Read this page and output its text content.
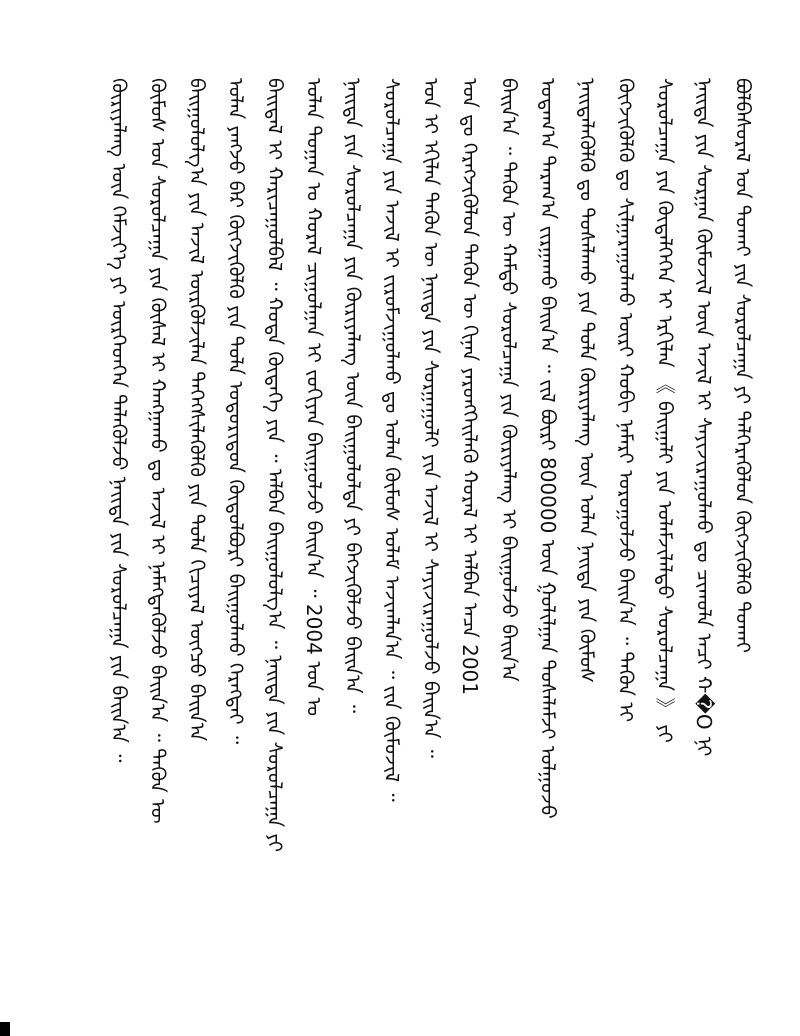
ᠪᠣᠯᠪᠠᠰᠤᠷᠠᠯ ᠤᠨ ᠲᠤᠬᠠᠢ ᠶᠢᠨ ᠰᠤᠷᠤᠯᠴᠠᠭᠠ ᠶᠢ ᠳᠡᠯᠭᠡᠷᠡᠭᠦᠯᠦᠨ ᠬᠦᠭᠵᠢᠭᠦᠯᠬᠦ ᠲᠤᠬᠠᠢ
ᠨᠡᠢᠲᠡ ᠶᠢᠨ ᠰᠤᠷᠭᠠᠨ ᠬᠦᠮᠦᠵᠢᠯ ᠦᠨ ᠠᠵᠢᠯ ᠢ ᠰᠠᠶᠢᠵᠢᠷᠠᠭᠤᠯᠬᠤ ᠳᠤ ᠴᠢᠬᠤᠯᠠ ᠠᠴᠢ ᠬ�O ᠨᠢ
ᠰᠤᠷᠤᠯᠴᠠᠭᠠ ᠶᠢᠨ ᠬᠥᠳᠡᠯᠭᠡᠭᠡᠨ ᠢ ᠡᠷᠬᠢᠯᠡᠨ 《 ᠪᠠᠢᠭᠠᠯᠢ ᠶᠢᠨ ᠤᠯᠠᠮᠵᠢᠯᠠᠯᠲᠤ ᠰᠤᠷᠤᠯᠴᠠᠭᠠ 》 ᠶᠢ
ᠬᠦᠭᠵᠢᠭᠦᠯᠬᠦ ᠳᠤ ᠰᠢᠯᠭᠠᠷᠠᠭᠤᠯᠬᠤ ᠦᠷᠢ ᠬᠣᠪᠢ ᠨᠡᠮᠡᠷᠢ ᠤᠷᠤᠭᠤᠯᠵᠤ ᠪᠠᠢᠨ᠎ᠠ ᠃ ᠲᠡᠭᠦᠨ ᠢ
ᠨᠡᠢᠲᠡᠯᠡᠭᠦᠯᠬᠦ ᠳᠤ ᠲᠤᠰᠠᠯᠠᠬᠤ ᠶᠢᠨ ᠲᠤᠯᠠ ᠬᠦᠷᠢᠶᠡᠯᠡᠩ ᠦᠨ ᠣᠯᠠᠨ ᠨᠡᠢᠲᠡ ᠶᠢᠨ ᠬᠦᠮᠦᠰ
ᠤᠳᠠᠭ᠎ᠠ ᠳᠠᠷᠠᠭ᠎ᠠ ᠵᠢᠷᠭᠠᠬᠤ ᠪᠠᠢᠨ᠎ᠠ ᠃ ᠵᠢᠯ ᠪᠦᠷᠢ 800000 ᠦᠨ ᠭᠤᠯᠢᠯᠭᠠᠨ ᠲᠤᠰᠠᠯᠠᠮᠵᠢ ᠤᠯᠭᠤᠵᠤ
ᠪᠠᠢᠨ᠎ᠠ ᠃ ᠲᠡᠭᠦᠨ ᠦ ᠬᠠᠮᠲᠤ ᠰᠤᠷᠤᠯᠴᠠᠭᠠ ᠶᠢᠨ ᠬᠦᠷᠢᠶᠡᠯᠡᠩ ᠢ ᠪᠠᠢᠭᠤᠯᠵᠤ ᠪᠠᠢᠨ᠎ᠠ
ᠣᠨ ᠳᠤ ᠬᠡᠷᠡᠭᠵᠢᠭᠦᠯᠦᠨ ᠲᠡᠭᠦᠨ ᠦ ᠬᠢᠨᠠᠨ ᠶᠡᠷᠦᠩᠬᠡᠢᠯᠡᠬᠦ ᠬᠤᠷᠠᠯ ᠢ ᠠᠯᠪᠠᠨ ᠠᠴᠠ 2001
ᠣᠨ ᠢ ᠡᠬᠢᠯᠡᠨ ᠲᠡᠭᠦᠨ ᠦ ᠨᠡᠢᠲᠡ ᠶᠢᠨ ᠰᠤᠷᠭᠠᠭᠤᠯᠢ ᠶᠢᠨ ᠠᠵᠢᠯ ᠢ ᠰᠠᠶᠢᠵᠢᠷᠠᠭᠤᠯᠵᠤ ᠪᠠᠢᠨ᠎ᠠ ᠃
ᠰᠤᠷᠤᠯᠴᠠᠭᠠ ᠶᠢᠨ ᠠᠵᠢᠯ ᠢ ᠵᠢᠷᠤᠮᠵᠢᠭᠤᠯᠬᠤ ᠳᠤ ᠣᠯᠠᠨ ᠬᠦᠮᠦᠰ ᠤᠯᠠᠮ ᠠᠵᠢᠭᠯᠠᠨ᠎ᠠ ᠃ ᠵᠢᠨ ᠬᠦᠮᠦᠵᠢᠯ ᠃
ᠨᠡᠢᠲᠡ ᠶᠢᠨ ᠰᠤᠷᠤᠯᠴᠠᠭᠠ ᠶᠢᠨ ᠬᠦᠷᠢᠶᠡᠯᠡᠩ ᠦᠨ ᠪᠠᠢᠭᠤᠯᠤᠯᠳᠠ ᠶᠢ ᠪᠡᠬᠵᠢᠭᠦᠯᠵᠦ ᠪᠠᠢᠨ᠎ᠠ ᠃
ᠣᠯᠠᠨ ᠲᠣᠭᠠᠨ ᠤ ᠬᠤᠷᠠᠯ ᠴᠢᠭᠤᠯᠭᠠᠨ ᠢ ᠵᠣᠬᠢᠶᠠᠨ ᠪᠠᠢᠭᠤᠯᠵᠤ ᠪᠠᠢᠨ᠎ᠠ ᠃ 2004 ᠣᠨ ᠤ
ᠪᠠᠢᠳᠠᠯ ᠢ ᠬᠠᠷᠢᠴᠠᠭᠤᠯᠪᠠᠯ ᠃ ᠬᠣᠲᠠ ᠬᠥᠳᠡᠭᠡ ᠶᠢᠨ ᠃ ᠠᠯᠪᠠᠨ ᠪᠠᠢᠭᠤᠯᠤᠯᠭ᠎ᠠ ᠃ ᠨᠡᠢᠲᠡ ᠶᠢᠨ ᠰᠤᠷᠤᠯᠴᠠᠭᠠ ᠶᠢ
ᠣᠯᠠᠨ ᠶᠠᠩᠵᠤ ᠪᠡᠷ ᠬᠥᠭᠵᠢᠭᠦᠯᠬᠦ ᠶᠢᠨ ᠲᠤᠯᠠ ᠤᠳᠤᠷᠢᠳᠤᠨ ᠬᠥᠲᠥᠯᠪᠦᠷᠢ ᠪᠠᠢᠭᠤᠯᠬᠤ ᠬᠡᠷᠡᠭᠲᠡᠢ ᠃
ᠪᠠᠢᠭᠤᠯᠤᠯᠭ᠎ᠠ ᠶᠢᠨ ᠠᠵᠢᠯ ᠦᠷᠭᠦᠯᠵᠢᠯᠡᠨ ᠳᠡᠭᠡᠭᠰᠢᠯᠡᠭᠦᠯᠬᠦ ᠶᠢᠨ ᠲᠤᠯᠠ ᠬᠢᠴᠢᠶᠡᠯ ᠥᠭᠴᠦ ᠪᠠᠢᠨ᠎ᠠ
ᠬᠦᠮᠦᠰ ᠤᠨ ᠰᠤᠷᠤᠯᠴᠠᠭᠠ ᠶᠢᠨ ᠬᠦᠰᠡᠯ ᠢ ᠬᠠᠩᠭᠠᠬᠤ ᠳᠤ ᠠᠵᠢᠯ ᠢ ᠨᠡᠮᠡᠭᠳᠡᠭᠦᠯᠵᠦ ᠪᠠᠢᠨ᠎ᠠ ᠃ ᠲᠡᠭᠦᠨ ᠦ
ᠬᠦᠷᠢᠶᠡᠯᠡᠩ ᠦᠨ ᠬᠡᠮᠵᠢᠶ᠎ᠡ ᠶᠢ ᠥᠷᠭᠡᠳᠬᠡᠨ ᠲᠡᠯᠡᠭᠦᠯᠵᠦ ᠨᠡᠢᠲᠡ ᠶᠢᠨ ᠰᠤᠷᠤᠯᠴᠠᠭᠠ ᠶᠢᠨ ᠪᠠᠢᠨ᠎ᠠ ᠃
